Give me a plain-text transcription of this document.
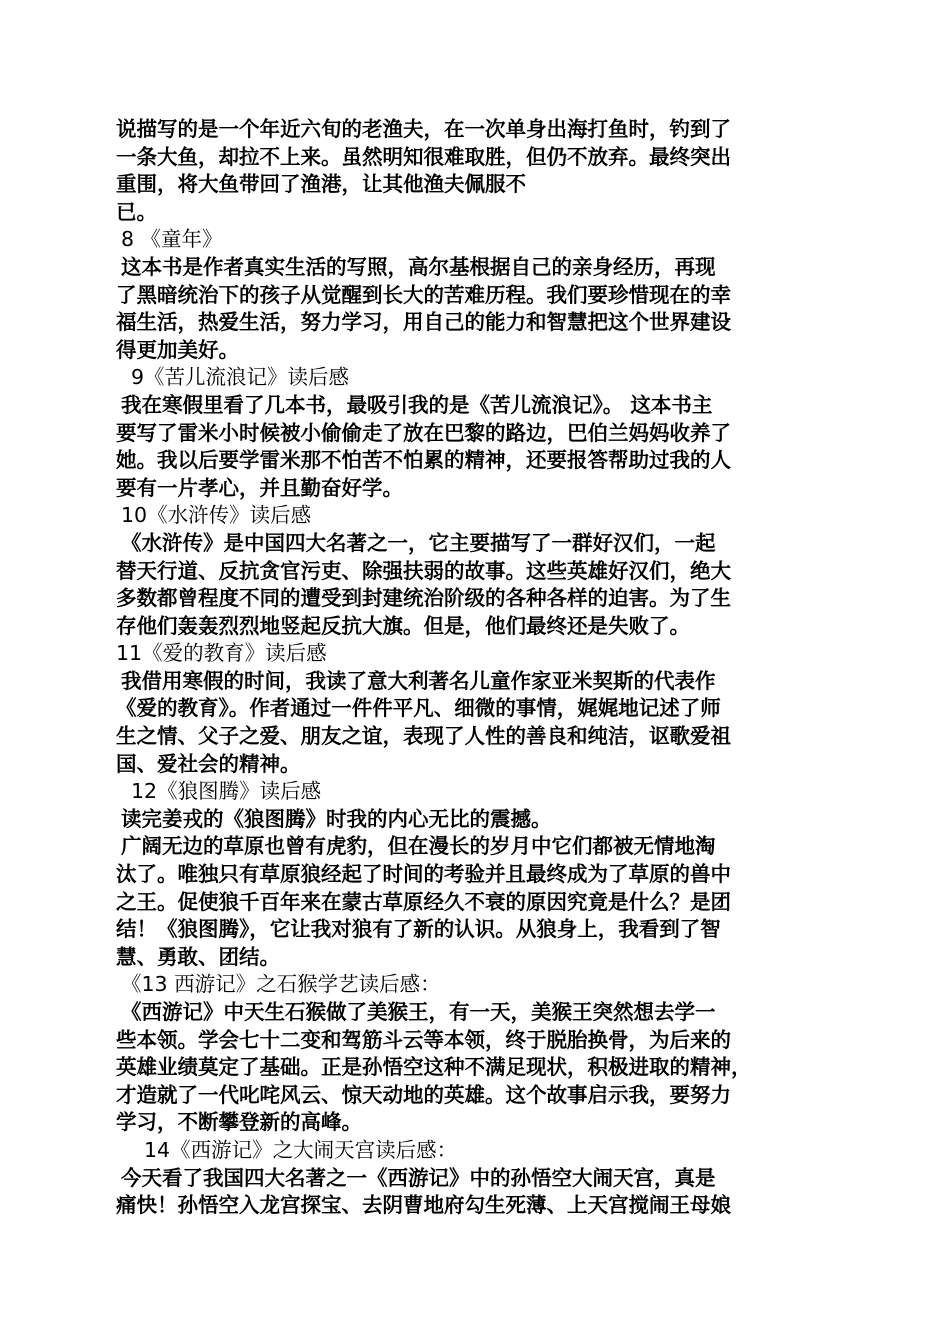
说描写的是一个年近六旬的老渔夫，在一次单身出海打鱼时，钓到了
一条大鱼，却拉不上来。虽然明知很难取胜，但仍不放弃。最终突出
重围，将大鱼带回了渔港，让其他渔夫佩服不
已。
8 《童年》
这本书是作者真实生活的写照，高尔基根据自己的亲身经历，再现
了黑暗统治下的孩子从觉醒到长大的苦难历程。我们要珍惜现在的幸
福生活，热爱生活，努力学习，用自己的能力和智慧把这个世界建设
得更加美好。
9《苦儿流浪记》读后感
我在寒假里看了几本书，最吸引我的是《苦儿流浪记》。 这本书主
要写了雷米小时候被小偷偷走了放在巴黎的路边，巴伯兰妈妈收养了
她。我以后要学雷米那不怕苦不怕累的精神，还要报答帮助过我的人
要有一片孝心，并且勤奋好学。
10《水浒传》读后感
《水浒传》是中国四大名著之一，它主要描写了一群好汉们，一起
替天行道、反抗贪官污吏、除强扶弱的故事。这些英雄好汉们，绝大
多数都曾程度不同的遭受到封建统治阶级的各种各样的迫害。为了生
存他们轰轰烈烈地竖起反抗大旗。但是，他们最终还是失败了。
11《爱的教育》读后感
我借用寒假的时间，我读了意大利著名儿童作家亚米契斯的代表作
《爱的教育》。作者通过一件件平凡、细微的事情，娓娓地记述了师
生之情、父子之爱、朋友之谊，表现了人性的善良和纯洁，讴歌爱祖
国、爱社会的精神。
12《狼图腾》读后感
读完姜戎的《狼图腾》时我的内心无比的震撼。
广阔无边的草原也曾有虎豹，但在漫长的岁月中它们都被无情地淘
汰了。唯独只有草原狼经起了时间的考验并且最终成为了草原的兽中
之王。促使狼千百年来在蒙古草原经久不衰的原因究竟是什么？是团
结！《狼图腾》，它让我对狼有了新的认识。从狼身上，我看到了智
慧、勇敢、团结。
《13 西游记》之石猴学艺读后感：
《西游记》中天生石猴做了美猴王，有一天，美猴王突然想去学一
些本领。学会七十二变和驾筋斗云等本领，终于脱胎换骨，为后来的
英雄业绩莫定了基础。正是孙悟空这种不满足现状，积极进取的精神，
才造就了一代叱咤风云、惊天动地的英雄。这个故事启示我，要努力
学习，不断攀登新的高峰。
14《西游记》之大闹天宫读后感：
今天看了我国四大名著之一《西游记》中的孙悟空大闹天宫，真是
痛快！孙悟空入龙宫探宝、去阴曹地府勾生死薄、上天宫搅闹王母娘
